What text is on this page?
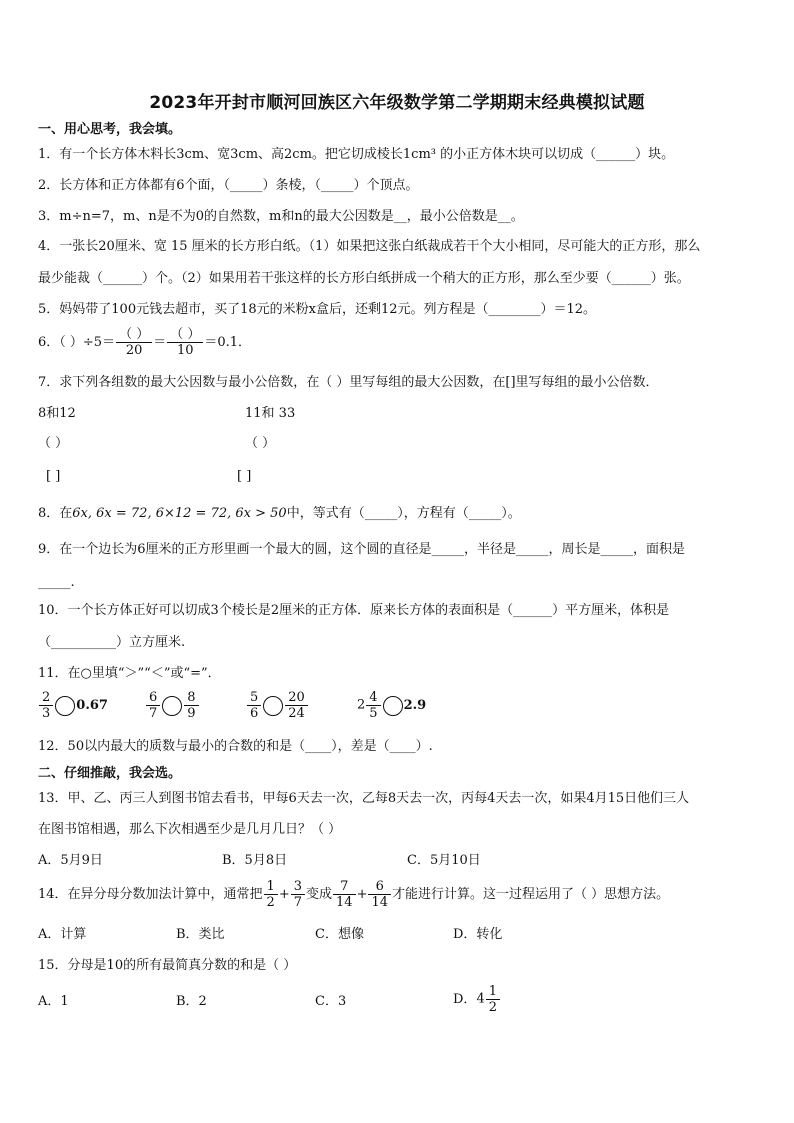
2023年开封市顺河回族区六年级数学第二学期期末经典模拟试题
一、用心思考，我会填。
1．有一个长方体木料长3cm、宽3cm、高2cm。把它切成棱长1cm³ 的小正方体木块可以切成（______）块。
2．长方体和正方体都有6个面，（_____）条棱，（_____）个顶点。
3．m÷n=7，m、n是不为0的自然数，m和n的最大公因数是__，最小公倍数是__。
4．一张长20厘米、宽 15 厘米的长方形白纸。（1）如果把这张白纸裁成若干个大小相同，尽可能大的正方形，那么
最少能裁（______）个。（2）如果用若干张这样的长方形白纸拼成一个稍大的正方形，那么至少要（______）张。
5．妈妈带了100元钱去超市，买了18元的米粉x盒后，还剩12元。列方程是（________）＝12。
6．（ ）$\div 5= \frac{( )}{20} = \frac{( )}{10} =0.1$．
7．求下列各组数的最大公因数与最小公倍数，在（ ）里写每组的最大公因数，在[]里写每组的最小公倍数．
8和12	11和 33
（ ）	（ ）
[ ]	[ ]
8．在6x, 6x = 72, 6×12 = 72, 6x > 50中，等式有（_____），方程有（_____）。
9．在一个边长为6厘米的正方形里画一个最大的圆，这个圆的直径是_____，半径是_____，周长是_____，面积是
_____.
10．一个长方体正好可以切成3个棱长是2厘米的正方体．原来长方体的表面积是（______）平方厘米，体积是
（__________）立方厘米.
11．在○里填“＞”“＜”或“=”．
$\frac{2}{3} 0.67$	$\frac{6}{7} \frac{8}{9}$	$\frac{5}{6} \frac{20}{24}$	$2 \frac{4}{5} 2.9$
12．50以内最大的质数与最小的合数的和是（____），差是（____）.
二、仔细推敲，我会选。
13．甲、乙、丙三人到图书馆去看书，甲每6天去一次，乙每8天去一次，丙每4天去一次，如果4月15日他们三人
在图书馆相遇，那么下次相遇至少是几月几日？（ ）
A．5月9日	B．5月8日	C．5月10日
14．在异分母分数加法计算中，通常把 $\frac{1}{2} + \frac{3}{7}$ 变成 $\frac{7}{14} + \frac{6}{14}$ 才能进行计算。这一过程运用了（ ）思想方法。
A．计算	B．类比	C．想像	D．转化
15．分母是10的所有最简真分数的和是（ ）
A．1	B．2	C．3	D．$4 \frac{1}{2}$
